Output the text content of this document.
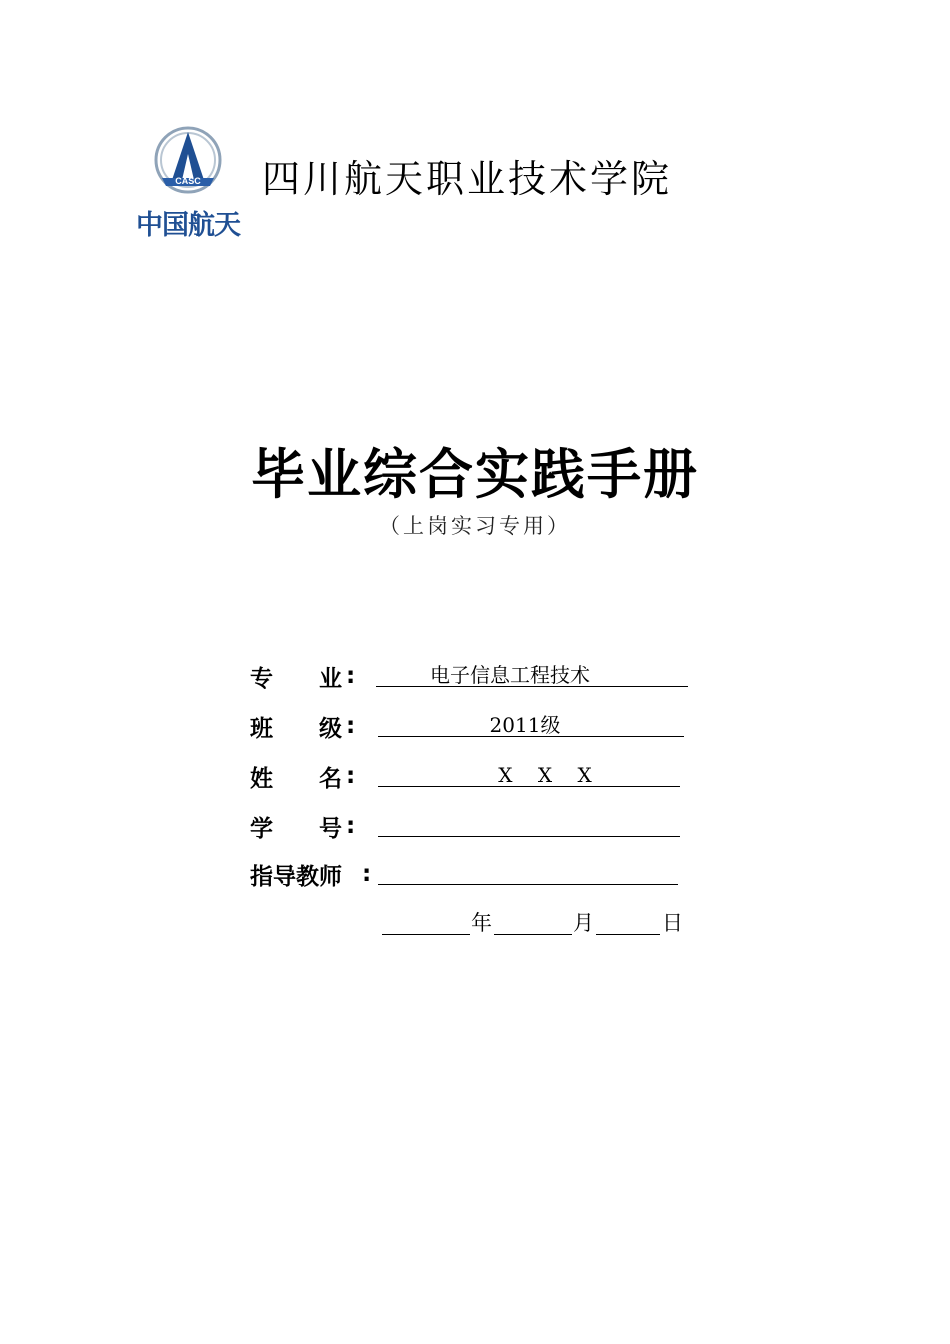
CASC
中国航天
四川航天职业技术学院
毕业综合实践手册
（上岗实习专用）
专 业 :	电子信息工程技术
班 级 :	2011级
姓 名 :	X    X    X
学 号 :
指导教师 :
年	月	日
